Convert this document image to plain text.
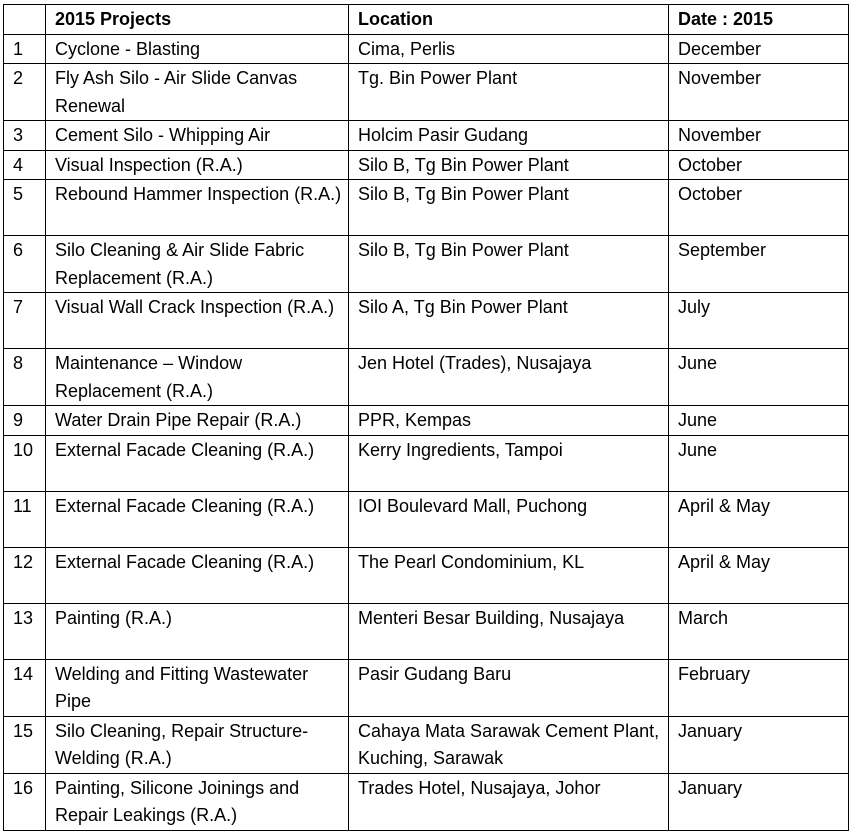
	2015 Projects	Location	Date : 2015
1	Cyclone - Blasting	Cima, Perlis	December
2	Fly Ash Silo - Air Slide Canvas Renewal	Tg. Bin Power Plant	November
3	Cement Silo - Whipping Air	Holcim Pasir Gudang	November
4	Visual Inspection (R.A.)	Silo B, Tg Bin Power Plant	October
5	Rebound Hammer Inspection (R.A.)	Silo B, Tg Bin Power Plant	October
6	Silo Cleaning & Air Slide Fabric Replacement (R.A.)	Silo B, Tg Bin Power Plant	September
7	Visual Wall Crack Inspection (R.A.)	Silo A, Tg Bin Power Plant	July
8	Maintenance – Window Replacement (R.A.)	Jen Hotel (Trades), Nusajaya	June
9	Water Drain Pipe Repair (R.A.)	PPR, Kempas	June
10	External Facade Cleaning (R.A.)	Kerry Ingredients, Tampoi	June
11	External Facade Cleaning (R.A.)	IOI Boulevard Mall, Puchong	April & May
12	External Facade Cleaning (R.A.)	The Pearl Condominium, KL	April & May
13	Painting (R.A.)	Menteri Besar Building, Nusajaya	March
14	Welding and Fitting Wastewater Pipe	Pasir Gudang Baru	February
15	Silo Cleaning, Repair Structure- Welding (R.A.)	Cahaya Mata Sarawak Cement Plant, Kuching, Sarawak	January
16	Painting, Silicone Joinings and Repair Leakings (R.A.)	Trades Hotel, Nusajaya, Johor	January
